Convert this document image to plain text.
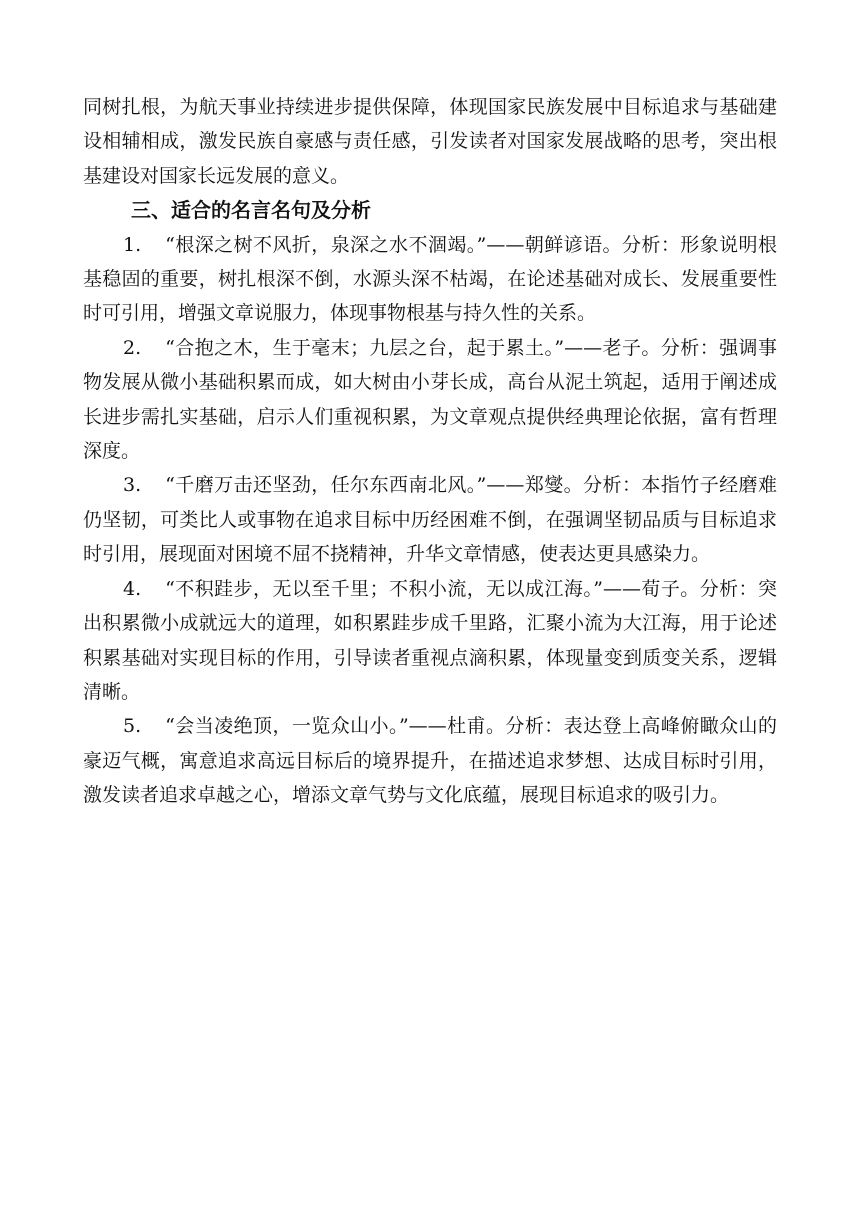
同树扎根，为航天事业持续进步提供保障，体现国家民族发展中目标追求与基础建设相辅相成，激发民族自豪感与责任感，引发读者对国家发展战略的思考，突出根基建设对国家长远发展的意义。

三、适合的名言名句及分析

1. “根深之树不风折，泉深之水不涸竭。”——朝鲜谚语。分析：形象说明根基稳固的重要，树扎根深不倒，水源头深不枯竭，在论述基础对成长、发展重要性时可引用，增强文章说服力，体现事物根基与持久性的关系。

2. “合抱之木，生于毫末；九层之台，起于累土。”——老子。分析：强调事物发展从微小基础积累而成，如大树由小芽长成，高台从泥土筑起，适用于阐述成长进步需扎实基础，启示人们重视积累，为文章观点提供经典理论依据，富有哲理深度。

3. “千磨万击还坚劲，任尔东西南北风。”——郑燮。分析：本指竹子经磨难仍坚韧，可类比人或事物在追求目标中历经困难不倒，在强调坚韧品质与目标追求时引用，展现面对困境不屈不挠精神，升华文章情感，使表达更具感染力。

4. “不积跬步，无以至千里；不积小流，无以成江海。”——荀子。分析：突出积累微小成就远大的道理，如积累跬步成千里路，汇聚小流为大江海，用于论述积累基础对实现目标的作用，引导读者重视点滴积累，体现量变到质变关系，逻辑清晰。

5. “会当凌绝顶，一览众山小。”——杜甫。分析：表达登上高峰俯瞰众山的豪迈气概，寓意追求高远目标后的境界提升，在描述追求梦想、达成目标时引用，激发读者追求卓越之心，增添文章气势与文化底蕴，展现目标追求的吸引力。
